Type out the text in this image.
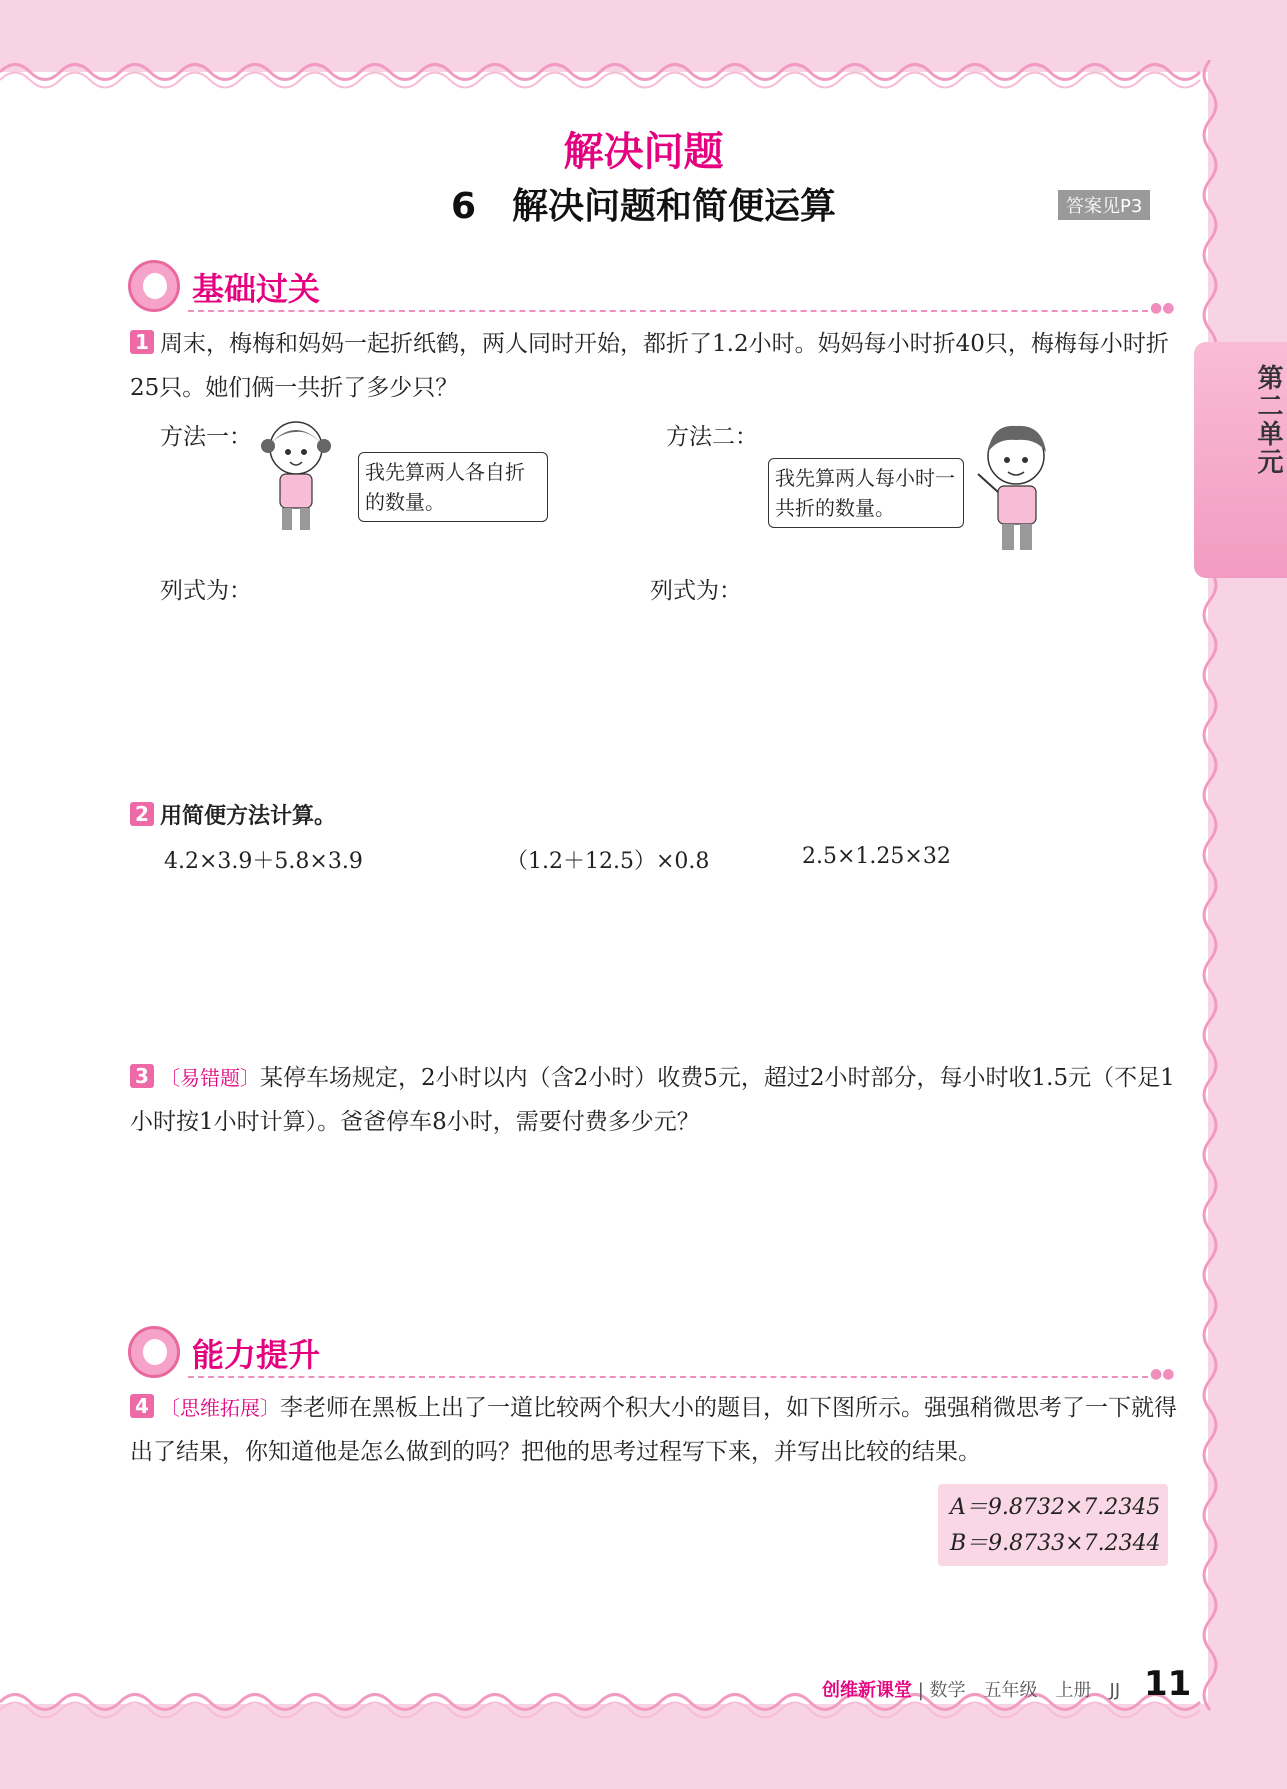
解决问题
6　解决问题和简便运算	答案见P3
第二单元
基础过关	●●
1 周末，梅梅和妈妈一起折纸鹤，两人同时开始，都折了1.2小时。妈妈每小时折40只，梅梅每小时折25只。她们俩一共折了多少只？
方法一：	方法二：
我先算两人各自折的数量。
我先算两人每小时一共折的数量。
列式为：	列式为：
2 用简便方法计算。
4.2×3.9＋5.8×3.9	（1.2＋12.5）×0.8	2.5×1.25×32
3 〔易错题〕某停车场规定，2小时以内（含2小时）收费5元，超过2小时部分，每小时收1.5元（不足1小时按1小时计算）。爸爸停车8小时，需要付费多少元？
能力提升	●●
4 〔思维拓展〕李老师在黑板上出了一道比较两个积大小的题目，如下图所示。强强稍微思考了一下就得出了结果，你知道他是怎么做到的吗？把他的思考过程写下来，并写出比较的结果。
A＝9.8732×7.2345
B＝9.8733×7.2344
创维新课堂 | 数学　五年级　上册　JJ 11
